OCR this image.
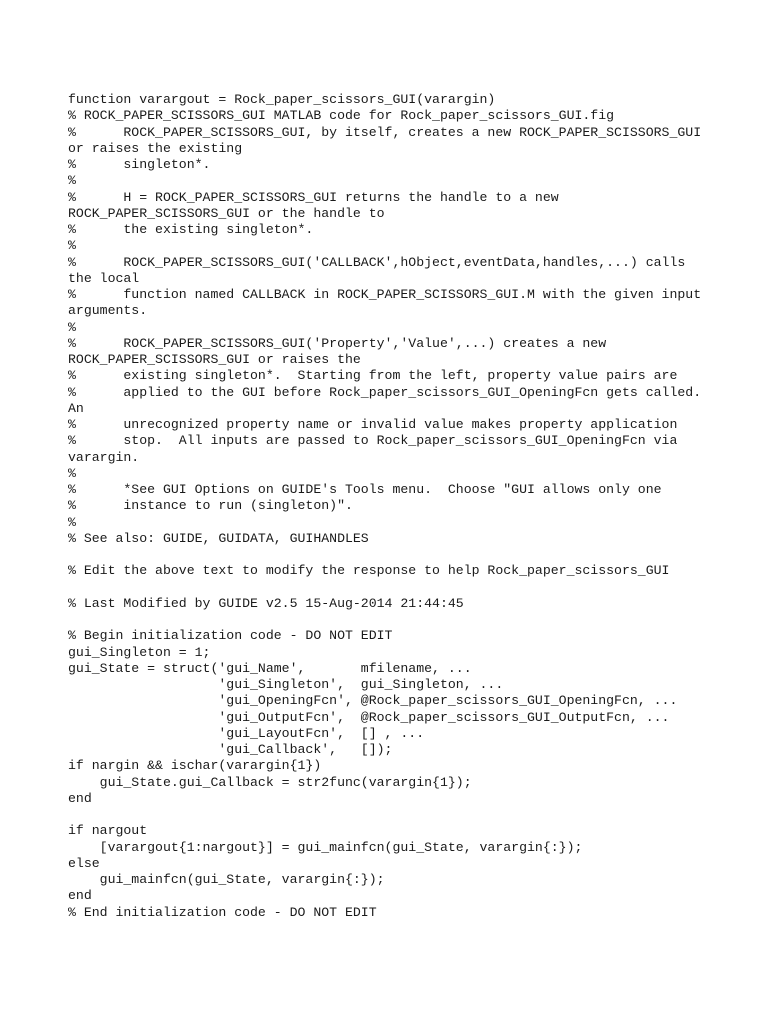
function varargout = Rock_paper_scissors_GUI(varargin)
% ROCK_PAPER_SCISSORS_GUI MATLAB code for Rock_paper_scissors_GUI.fig
%      ROCK_PAPER_SCISSORS_GUI, by itself, creates a new ROCK_PAPER_SCISSORS_GUI
or raises the existing
%      singleton*.
%
%      H = ROCK_PAPER_SCISSORS_GUI returns the handle to a new
ROCK_PAPER_SCISSORS_GUI or the handle to
%      the existing singleton*.
%
%      ROCK_PAPER_SCISSORS_GUI('CALLBACK',hObject,eventData,handles,...) calls
the local
%      function named CALLBACK in ROCK_PAPER_SCISSORS_GUI.M with the given input
arguments.
%
%      ROCK_PAPER_SCISSORS_GUI('Property','Value',...) creates a new
ROCK_PAPER_SCISSORS_GUI or raises the
%      existing singleton*.  Starting from the left, property value pairs are
%      applied to the GUI before Rock_paper_scissors_GUI_OpeningFcn gets called.
An
%      unrecognized property name or invalid value makes property application
%      stop.  All inputs are passed to Rock_paper_scissors_GUI_OpeningFcn via
varargin.
%
%      *See GUI Options on GUIDE's Tools menu.  Choose "GUI allows only one
%      instance to run (singleton)".
%
% See also: GUIDE, GUIDATA, GUIHANDLES
% Edit the above text to modify the response to help Rock_paper_scissors_GUI
% Last Modified by GUIDE v2.5 15-Aug-2014 21:44:45
% Begin initialization code - DO NOT EDIT
gui_Singleton = 1;
gui_State = struct('gui_Name',       mfilename, ...
'gui_Singleton',  gui_Singleton, ...
'gui_OpeningFcn', @Rock_paper_scissors_GUI_OpeningFcn, ...
'gui_OutputFcn',  @Rock_paper_scissors_GUI_OutputFcn, ...
'gui_LayoutFcn',  [] , ...
'gui_Callback',   []);
if nargin && ischar(varargin{1})
gui_State.gui_Callback = str2func(varargin{1});
end
if nargout
[varargout{1:nargout}] = gui_mainfcn(gui_State, varargin{:});
else
gui_mainfcn(gui_State, varargin{:});
end
% End initialization code - DO NOT EDIT
